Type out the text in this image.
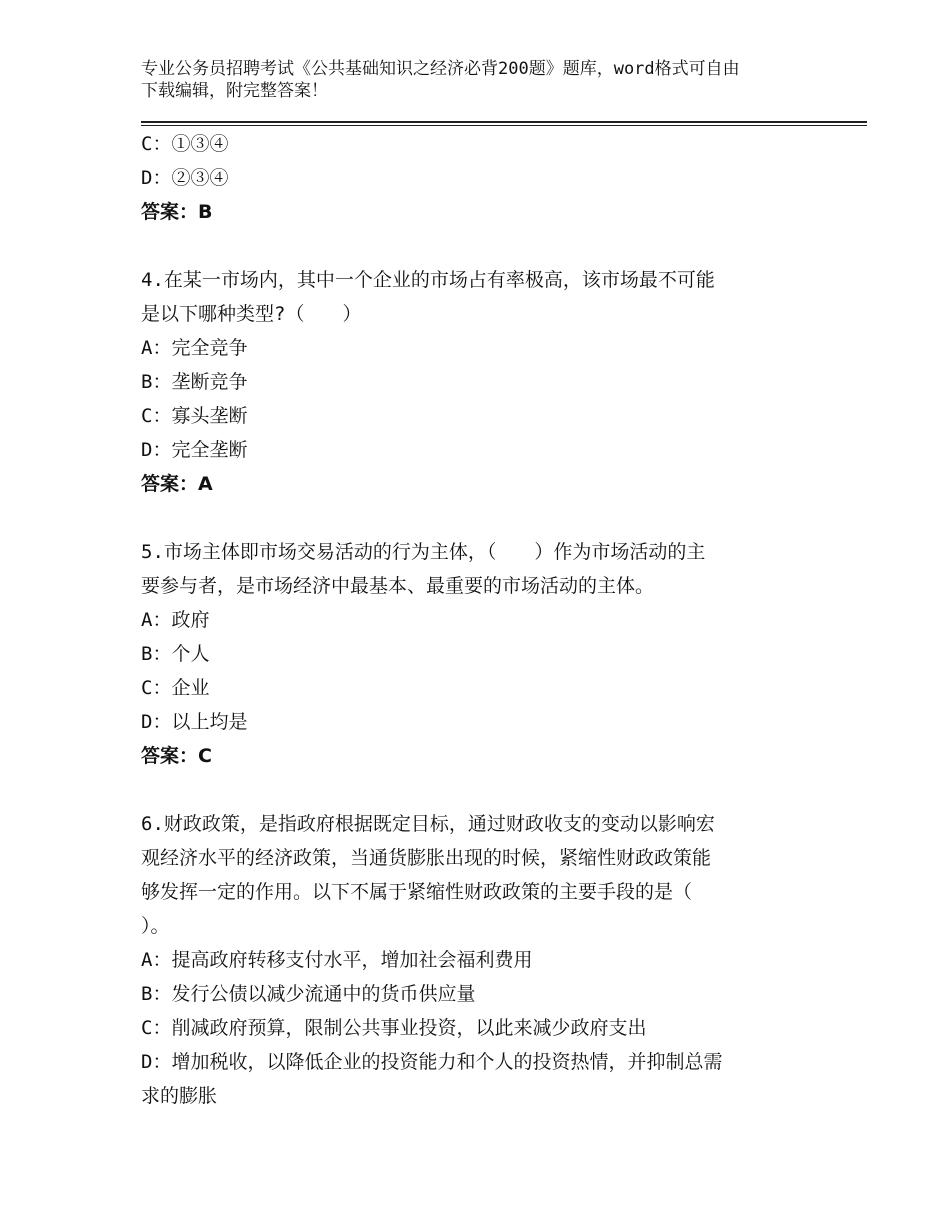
专业公务员招聘考试《公共基础知识之经济必背200题》题库，word格式可自由
下载编辑，附完整答案！
C：①③④
D：②③④
答案：B
4.在某一市场内，其中一个企业的市场占有率极高，该市场最不可能
是以下哪种类型?（　　）
A：完全竞争
B：垄断竞争
C：寡头垄断
D：完全垄断
答案：A
5.市场主体即市场交易活动的行为主体，（　　）作为市场活动的主
要参与者，是市场经济中最基本、最重要的市场活动的主体。
A：政府
B：个人
C：企业
D：以上均是
答案：C
6.财政政策，是指政府根据既定目标，通过财政收支的变动以影响宏
观经济水平的经济政策，当通货膨胀出现的时候，紧缩性财政政策能
够发挥一定的作用。以下不属于紧缩性财政政策的主要手段的是（
）。
A：提高政府转移支付水平，增加社会福利费用
B：发行公债以减少流通中的货币供应量
C：削减政府预算，限制公共事业投资，以此来减少政府支出
D：增加税收，以降低企业的投资能力和个人的投资热情，并抑制总需
求的膨胀
